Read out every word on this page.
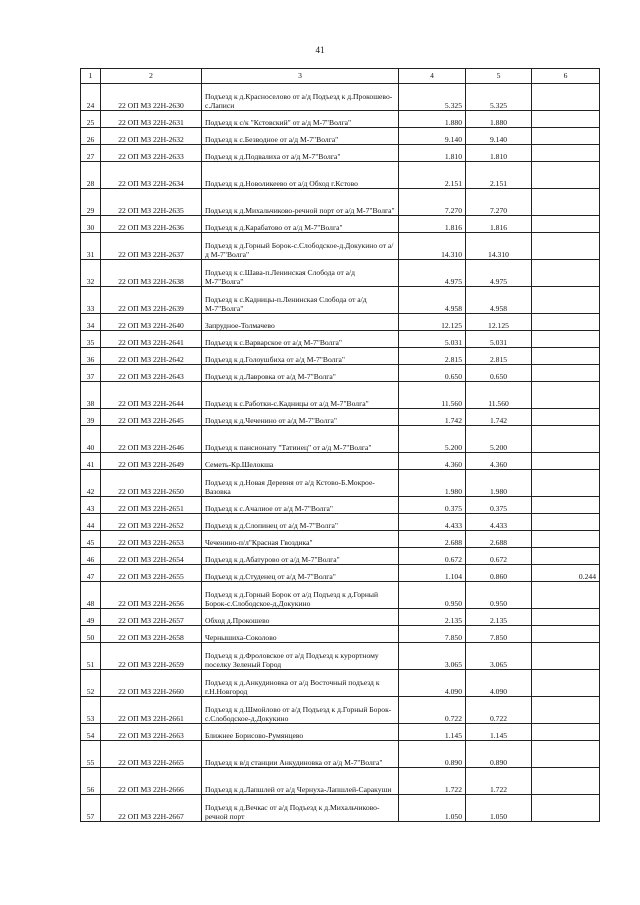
41
1	2	3	4	5	6
24	22 ОП МЗ 22Н-2630	Подъезд к д.Красноселово от а/д Подъезд к д.Прокошево-с.Лаписи	5.325	5.325	
25	22 ОП МЗ 22Н-2631	Подъезд к с/к "Кстовский" от а/д М-7"Волга"	1.880	1.880	
26	22 ОП МЗ 22Н-2632	Подъезд к с.Безводное от а/д М-7"Волга"	9.140	9.140	
27	22 ОП МЗ 22Н-2633	Подъезд к д.Подвалиха от а/д М-7"Волга"	1.810	1.810	
28	22 ОП МЗ 22Н-2634	Подъезд к д.Новоликеево от а/д Обход г.Кстово	2.151	2.151	
29	22 ОП МЗ 22Н-2635	Подъезд к д.Михальчиково-речной порт от а/д М-7"Волга"	7.270	7.270	
30	22 ОП МЗ 22Н-2636	Подъезд к д.Карабатово от а/д М-7"Волга"	1.816	1.816	
31	22 ОП МЗ 22Н-2637	Подъезд к д.Горный Борок-с.Слободское-д.Докукино от а/д М-7"Волга"	14.310	14.310	
32	22 ОП МЗ 22Н-2638	Подъезд к с.Шава-п.Ленинская Слобода от а/д М-7"Волга"	4.975	4.975	
33	22 ОП МЗ 22Н-2639	Подъезд к с.Кадницы-п.Ленинская Слобода от а/д М-7"Волга"	4.958	4.958	
34	22 ОП МЗ 22Н-2640	Запрудное-Толмачево	12.125	12.125	
35	22 ОП МЗ 22Н-2641	Подъезд к с.Варварское от а/д М-7"Волга"	5.031	5.031	
36	22 ОП МЗ 22Н-2642	Подъезд к д.Голоушбиха от а/д М-7"Волга"	2.815	2.815	
37	22 ОП МЗ 22Н-2643	Подъезд к д.Лавровка от а/д М-7"Волга"	0.650	0.650	
38	22 ОП МЗ 22Н-2644	Подъезд к с.Работки-с.Кадницы от а/д М-7"Волга"	11.560	11.560	
39	22 ОП МЗ 22Н-2645	Подъезд к д.Чеченино от а/д М-7"Волга"	1.742	1.742	
40	22 ОП МЗ 22Н-2646	Подъезд к пансионату "Татинец" от а/д М-7"Волга"	5.200	5.200	
41	22 ОП МЗ 22Н-2649	Семеть-Кр.Шелокша	4.360	4.360	
42	22 ОП МЗ 22Н-2650	Подъезд к д.Новая Деревня от а/д Кстово-Б.Мокрое-Вазовка	1.980	1.980	
43	22 ОП МЗ 22Н-2651	Подъезд к с.Ачалиое от а/д М-7"Волга"	0.375	0.375	
44	22 ОП МЗ 22Н-2652	Подъезд к д.Слопинец от а/д М-7"Волга"	4.433	4.433	
45	22 ОП МЗ 22Н-2653	Чеченино-п/л"Красная Гвоздика"	2.688	2.688	
46	22 ОП МЗ 22Н-2654	Подъезд к д.Абатурово от а/д М-7"Волга"	0.672	0.672	
47	22 ОП МЗ 22Н-2655	Подъезд к д.Студенец от а/д М-7"Волга"	1.104	0.860	0.244
48	22 ОП МЗ 22Н-2656	Подъезд к д.Горный Борок от а/д Подъезд к д.Горный Борок-с.Слободское-д.Докукино	0.950	0.950	
49	22 ОП МЗ 22Н-2657	Обход д.Прокошево	2.135	2.135	
50	22 ОП МЗ 22Н-2658	Чернышиха-Соколово	7.850	7.850	
51	22 ОП МЗ 22Н-2659	Подъезд к д.Фроловское от а/д Подъезд к курортному поселку Зеленый Город	3.065	3.065	
52	22 ОП МЗ 22Н-2660	Подъезд к д.Анкудиновка от а/д Восточный подъезд к г.Н.Новгород	4.090	4.090	
53	22 ОП МЗ 22Н-2661	Подъезд к д.Шмойлово от а/д Подъезд к д.Горный Борок-с.Слободское-д.Докукино	0.722	0.722	
54	22 ОП МЗ 22Н-2663	Ближнее Борисово-Румянцево	1.145	1.145	
55	22 ОП МЗ 22Н-2665	Подъезд к в/д станции Анкудиновка от а/д М-7"Волга"	0.890	0.890	
56	22 ОП МЗ 22Н-2666	Подъезд к д.Лапшлей от а/д Чернуха-Лапшлей-Саракуши	1.722	1.722	
57	22 ОП МЗ 22Н-2667	Подъезд к д.Вечкас от а/д Подъезд к д.Михальчиково-речной порт	1.050	1.050	
